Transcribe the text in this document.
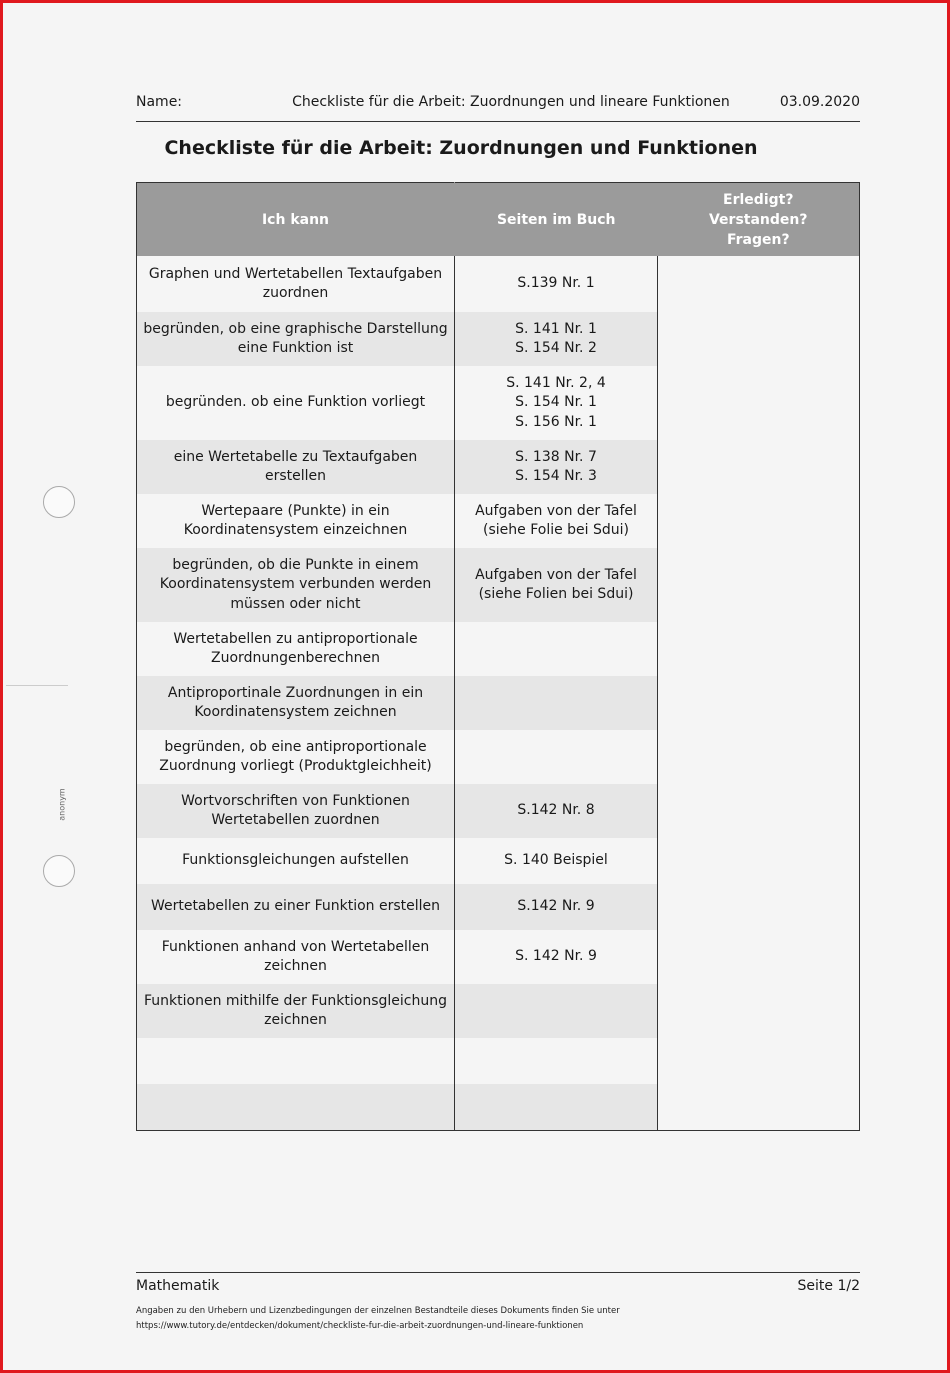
anonym
Name:	Checkliste für die Arbeit: Zuordnungen und lineare Funktionen	03.09.2020
Checkliste für die Arbeit: Zuordnungen und Funktionen
Ich kann	Seiten im Buch	Erledigt?
Verstanden?
Fragen?

Graphen und Wertetabellen Textaufgaben
zuordnen	S.139 Nr. 1	

begründen, ob eine graphische Darstellung
eine Funktion ist	S. 141 Nr. 1
S. 154 Nr. 2	

begründen. ob eine Funktion vorliegt	S. 141 Nr. 2, 4
S. 154 Nr. 1
S. 156 Nr. 1	

eine Wertetabelle zu Textaufgaben erstellen	S. 138 Nr. 7
S. 154 Nr. 3	

Wertepaare (Punkte) in ein
Koordinatensystem einzeichnen	Aufgaben von der Tafel
(siehe Folie bei Sdui)	

begründen, ob die Punkte in einem
Koordinatensystem verbunden werden
müssen oder nicht	Aufgaben von der Tafel
(siehe Folien bei Sdui)	

Wertetabellen zu antiproportionale
Zuordnungenberechnen		

Antiproportinale Zuordnungen in ein
Koordinatensystem zeichnen		

begründen, ob eine antiproportionale
Zuordnung vorliegt (Produktgleichheit)		

Wortvorschriften von Funktionen
Wertetabellen zuordnen	S.142 Nr. 8	

Funktionsgleichungen aufstellen	S. 140 Beispiel	

Wertetabellen zu einer Funktion erstellen	S.142 Nr. 9	

Funktionen anhand von Wertetabellen
zeichnen	S. 142 Nr. 9	

Funktionen mithilfe der Funktionsgleichung
zeichnen		

Mathematik	Seite 1/2
Angaben zu den Urhebern und Lizenzbedingungen der einzelnen Bestandteile dieses Dokuments finden Sie unter
https://www.tutory.de/entdecken/dokument/checkliste-fur-die-arbeit-zuordnungen-und-lineare-funktionen
